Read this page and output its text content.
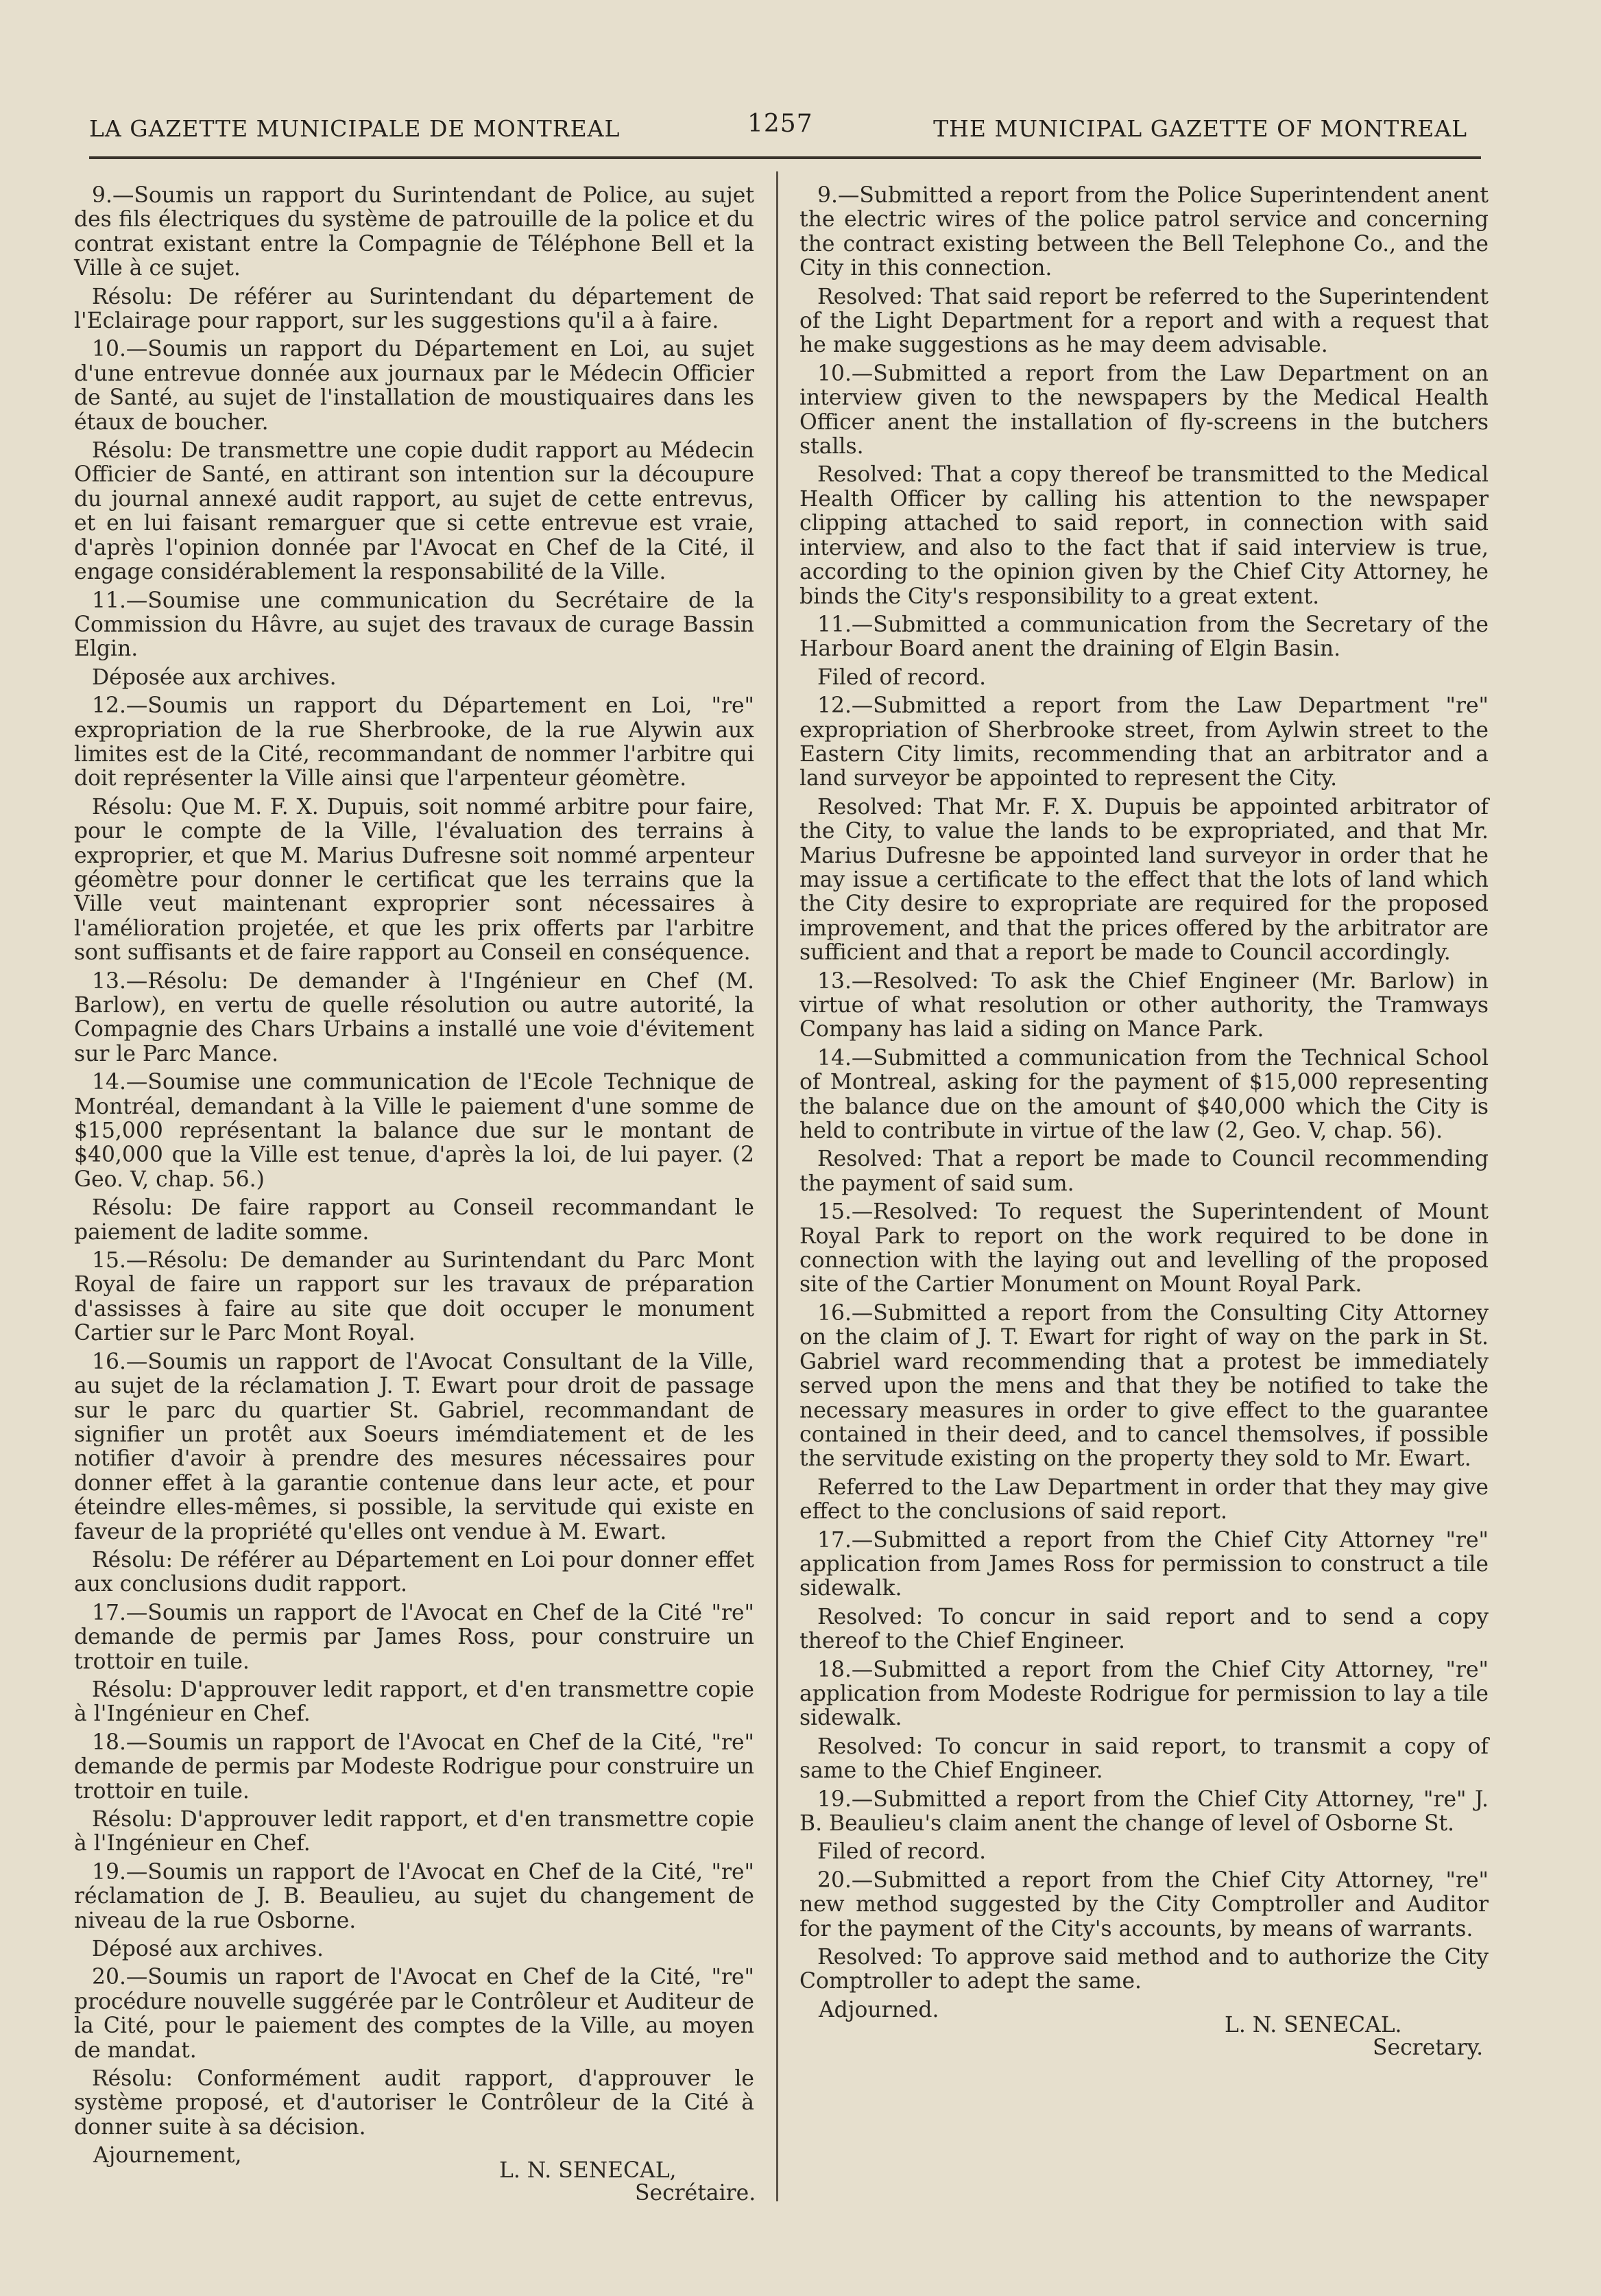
LA GAZETTE MUNICIPALE DE MONTREAL	1257	THE MUNICIPAL GAZETTE OF MONTREAL

9.—Soumis un rapport du Surintendant de Police, au sujet des fils électriques du système de patrouille de la police et du contrat existant entre la Compagnie de Téléphone Bell et la Ville à ce sujet.

Résolu: De référer au Surintendant du département de l'Eclairage pour rapport, sur les suggestions qu'il a à faire.

10.—Soumis un rapport du Département en Loi, au sujet d'une entrevue donnée aux journaux par le Médecin Officier de Santé, au sujet de l'installation de moustiquaires dans les étaux de boucher.

Résolu: De transmettre une copie dudit rapport au Médecin Officier de Santé, en attirant son intention sur la découpure du journal annexé audit rapport, au sujet de cette entrevus, et en lui faisant remarguer que si cette entrevue est vraie, d'après l'opinion donnée par l'Avocat en Chef de la Cité, il engage considérablement la responsabilité de la Ville.

11.—Soumise une communication du Secrétaire de la Commission du Hâvre, au sujet des travaux de curage Bassin Elgin.

Déposée aux archives.

12.—Soumis un rapport du Département en Loi, "re" expropriation de la rue Sherbrooke, de la rue Alywin aux limites est de la Cité, recommandant de nommer l'arbitre qui doit représenter la Ville ainsi que l'arpenteur géomètre.

Résolu: Que M. F. X. Dupuis, soit nommé arbitre pour faire, pour le compte de la Ville, l'évaluation des terrains à exproprier, et que M. Marius Dufresne soit nommé arpenteur géomètre pour donner le certificat que les terrains que la Ville veut maintenant exproprier sont nécessaires à l'amélioration projetée, et que les prix offerts par l'arbitre sont suffisants et de faire rapport au Conseil en conséquence.

13.—Résolu: De demander à l'Ingénieur en Chef (M. Barlow), en vertu de quelle résolution ou autre autorité, la Compagnie des Chars Urbains a installé une voie d'évitement sur le Parc Mance.

14.—Soumise une communication de l'Ecole Technique de Montréal, demandant à la Ville le paiement d'une somme de $15,000 représentant la balance due sur le montant de $40,000 que la Ville est tenue, d'après la loi, de lui payer. (2 Geo. V, chap. 56.)

Résolu: De faire rapport au Conseil recommandant le paiement de ladite somme.

15.—Résolu: De demander au Surintendant du Parc Mont Royal de faire un rapport sur les travaux de préparation d'assisses à faire au site que doit occuper le monument Cartier sur le Parc Mont Royal.

16.—Soumis un rapport de l'Avocat Consultant de la Ville, au sujet de la réclamation J. T. Ewart pour droit de passage sur le parc du quartier St. Gabriel, recommandant de signifier un protêt aux Soeurs imémdiatement et de les notifier d'avoir à prendre des mesures nécessaires pour donner effet à la garantie contenue dans leur acte, et pour éteindre elles-mêmes, si possible, la servitude qui existe en faveur de la propriété qu'elles ont vendue à M. Ewart.

Résolu: De référer au Département en Loi pour donner effet aux conclusions dudit rapport.

17.—Soumis un rapport de l'Avocat en Chef de la Cité "re" demande de permis par James Ross, pour construire un trottoir en tuile.

Résolu: D'approuver ledit rapport, et d'en transmettre copie à l'Ingénieur en Chef.

18.—Soumis un rapport de l'Avocat en Chef de la Cité, "re" demande de permis par Modeste Rodrigue pour construire un trottoir en tuile.

Résolu: D'approuver ledit rapport, et d'en transmettre copie à l'Ingénieur en Chef.

19.—Soumis un rapport de l'Avocat en Chef de la Cité, "re" réclamation de J. B. Beaulieu, au sujet du changement de niveau de la rue Osborne.

Déposé aux archives.

20.—Soumis un raport de l'Avocat en Chef de la Cité, "re" procédure nouvelle suggérée par le Contrôleur et Auditeur de la Cité, pour le paiement des comptes de la Ville, au moyen de mandat.

Résolu: Conformément audit rapport, d'approuver le système proposé, et d'autoriser le Contrôleur de la Cité à donner suite à sa décision.

Ajournement,
L. N. SENECAL,
Secrétaire.

9.—Submitted a report from the Police Superintendent anent the electric wires of the police patrol service and concerning the contract existing between the Bell Telephone Co., and the City in this connection.

Resolved: That said report be referred to the Superintendent of the Light Department for a report and with a request that he make suggestions as he may deem advisable.

10.—Submitted a report from the Law Department on an interview given to the newspapers by the Medical Health Officer anent the installation of fly-screens in the butchers stalls.

Resolved: That a copy thereof be transmitted to the Medical Health Officer by calling his attention to the newspaper clipping attached to said report, in connection with said interview, and also to the fact that if said interview is true, according to the opinion given by the Chief City Attorney, he binds the City's responsibility to a great extent.

11.—Submitted a communication from the Secretary of the Harbour Board anent the draining of Elgin Basin.

Filed of record.

12.—Submitted a report from the Law Department "re" expropriation of Sherbrooke street, from Aylwin street to the Eastern City limits, recommending that an arbitrator and a land surveyor be appointed to represent the City.

Resolved: That Mr. F. X. Dupuis be appointed arbitrator of the City, to value the lands to be expropriated, and that Mr. Marius Dufresne be appointed land surveyor in order that he may issue a certificate to the effect that the lots of land which the City desire to expropriate are required for the proposed improvement, and that the prices offered by the arbitrator are sufficient and that a report be made to Council accordingly.

13.—Resolved: To ask the Chief Engineer (Mr. Barlow) in virtue of what resolution or other authority, the Tramways Company has laid a siding on Mance Park.

14.—Submitted a communication from the Technical School of Montreal, asking for the payment of $15,000 representing the balance due on the amount of $40,000 which the City is held to contribute in virtue of the law (2, Geo. V, chap. 56).

Resolved: That a report be made to Council recommending the payment of said sum.

15.—Resolved: To request the Superintendent of Mount Royal Park to report on the work required to be done in connection with the laying out and levelling of the proposed site of the Cartier Monument on Mount Royal Park.

16.—Submitted a report from the Consulting City Attorney on the claim of J. T. Ewart for right of way on the park in St. Gabriel ward recommending that a protest be immediately served upon the mens and that they be notified to take the necessary measures in order to give effect to the guarantee contained in their deed, and to cancel themsolves, if possible the servitude existing on the property they sold to Mr. Ewart.

Referred to the Law Department in order that they may give effect to the conclusions of said report.

17.—Submitted a report from the Chief City Attorney "re" application from James Ross for permission to construct a tile sidewalk.

Resolved: To concur in said report and to send a copy thereof to the Chief Engineer.

18.—Submitted a report from the Chief City Attorney, "re" application from Modeste Rodrigue for permission to lay a tile sidewalk.

Resolved: To concur in said report, to transmit a copy of same to the Chief Engineer.

19.—Submitted a report from the Chief City Attorney, "re" J. B. Beaulieu's claim anent the change of level of Osborne St.

Filed of record.

20.—Submitted a report from the Chief City Attorney, "re" new method suggested by the City Comptroller and Auditor for the payment of the City's accounts, by means of warrants.

Resolved: To approve said method and to authorize the City Comptroller to adept the same.

Adjourned.
L. N. SENECAL.
Secretary.
